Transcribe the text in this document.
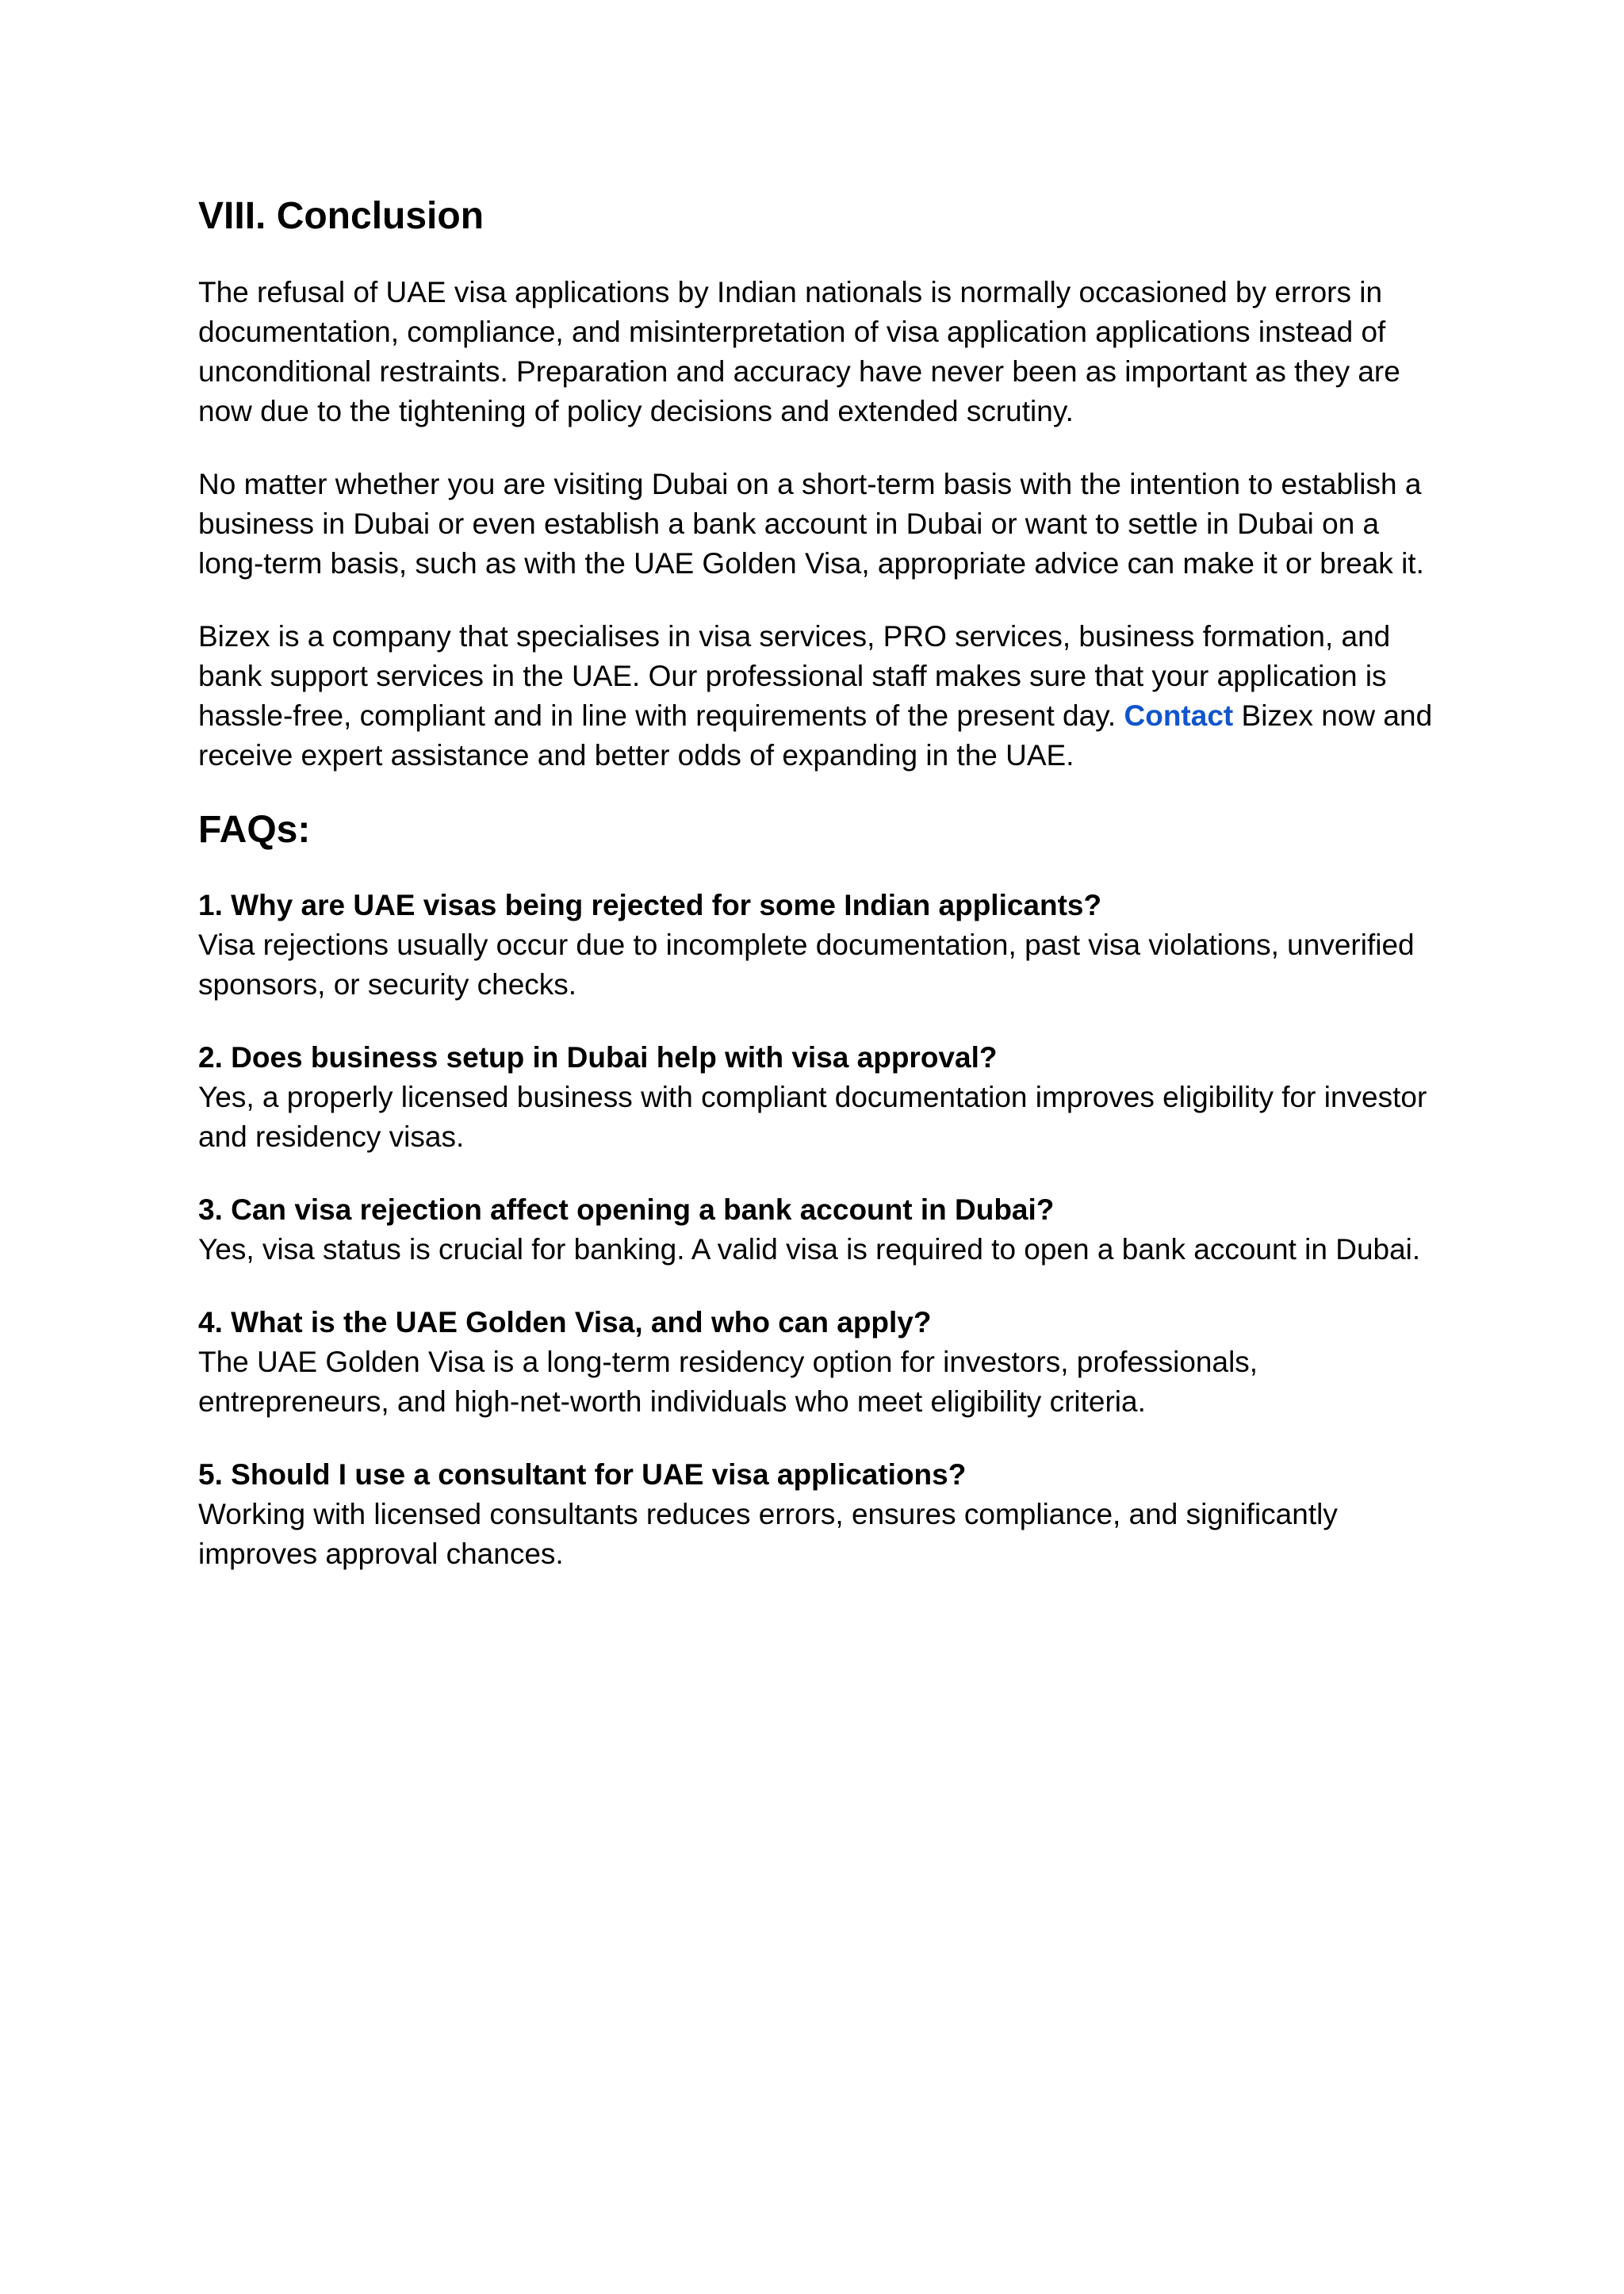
VIII. Conclusion

The refusal of UAE visa applications by Indian nationals is normally occasioned by errors in documentation, compliance, and misinterpretation of visa application applications instead of unconditional restraints. Preparation and accuracy have never been as important as they are now due to the tightening of policy decisions and extended scrutiny.

No matter whether you are visiting Dubai on a short-term basis with the intention to establish a business in Dubai or even establish a bank account in Dubai or want to settle in Dubai on a long-term basis, such as with the UAE Golden Visa, appropriate advice can make it or break it.

Bizex is a company that specialises in visa services, PRO services, business formation, and bank support services in the UAE. Our professional staff makes sure that your application is hassle-free, compliant and in line with requirements of the present day. Contact Bizex now and receive expert assistance and better odds of expanding in the UAE.

FAQs:

1. Why are UAE visas being rejected for some Indian applicants?

Visa rejections usually occur due to incomplete documentation, past visa violations, unverified sponsors, or security checks.

2. Does business setup in Dubai help with visa approval?

Yes, a properly licensed business with compliant documentation improves eligibility for investor and residency visas.

3. Can visa rejection affect opening a bank account in Dubai?

Yes, visa status is crucial for banking. A valid visa is required to open a bank account in Dubai.

4. What is the UAE Golden Visa, and who can apply?

The UAE Golden Visa is a long-term residency option for investors, professionals, entrepreneurs, and high-net-worth individuals who meet eligibility criteria.

5. Should I use a consultant for UAE visa applications?

Working with licensed consultants reduces errors, ensures compliance, and significantly improves approval chances.
